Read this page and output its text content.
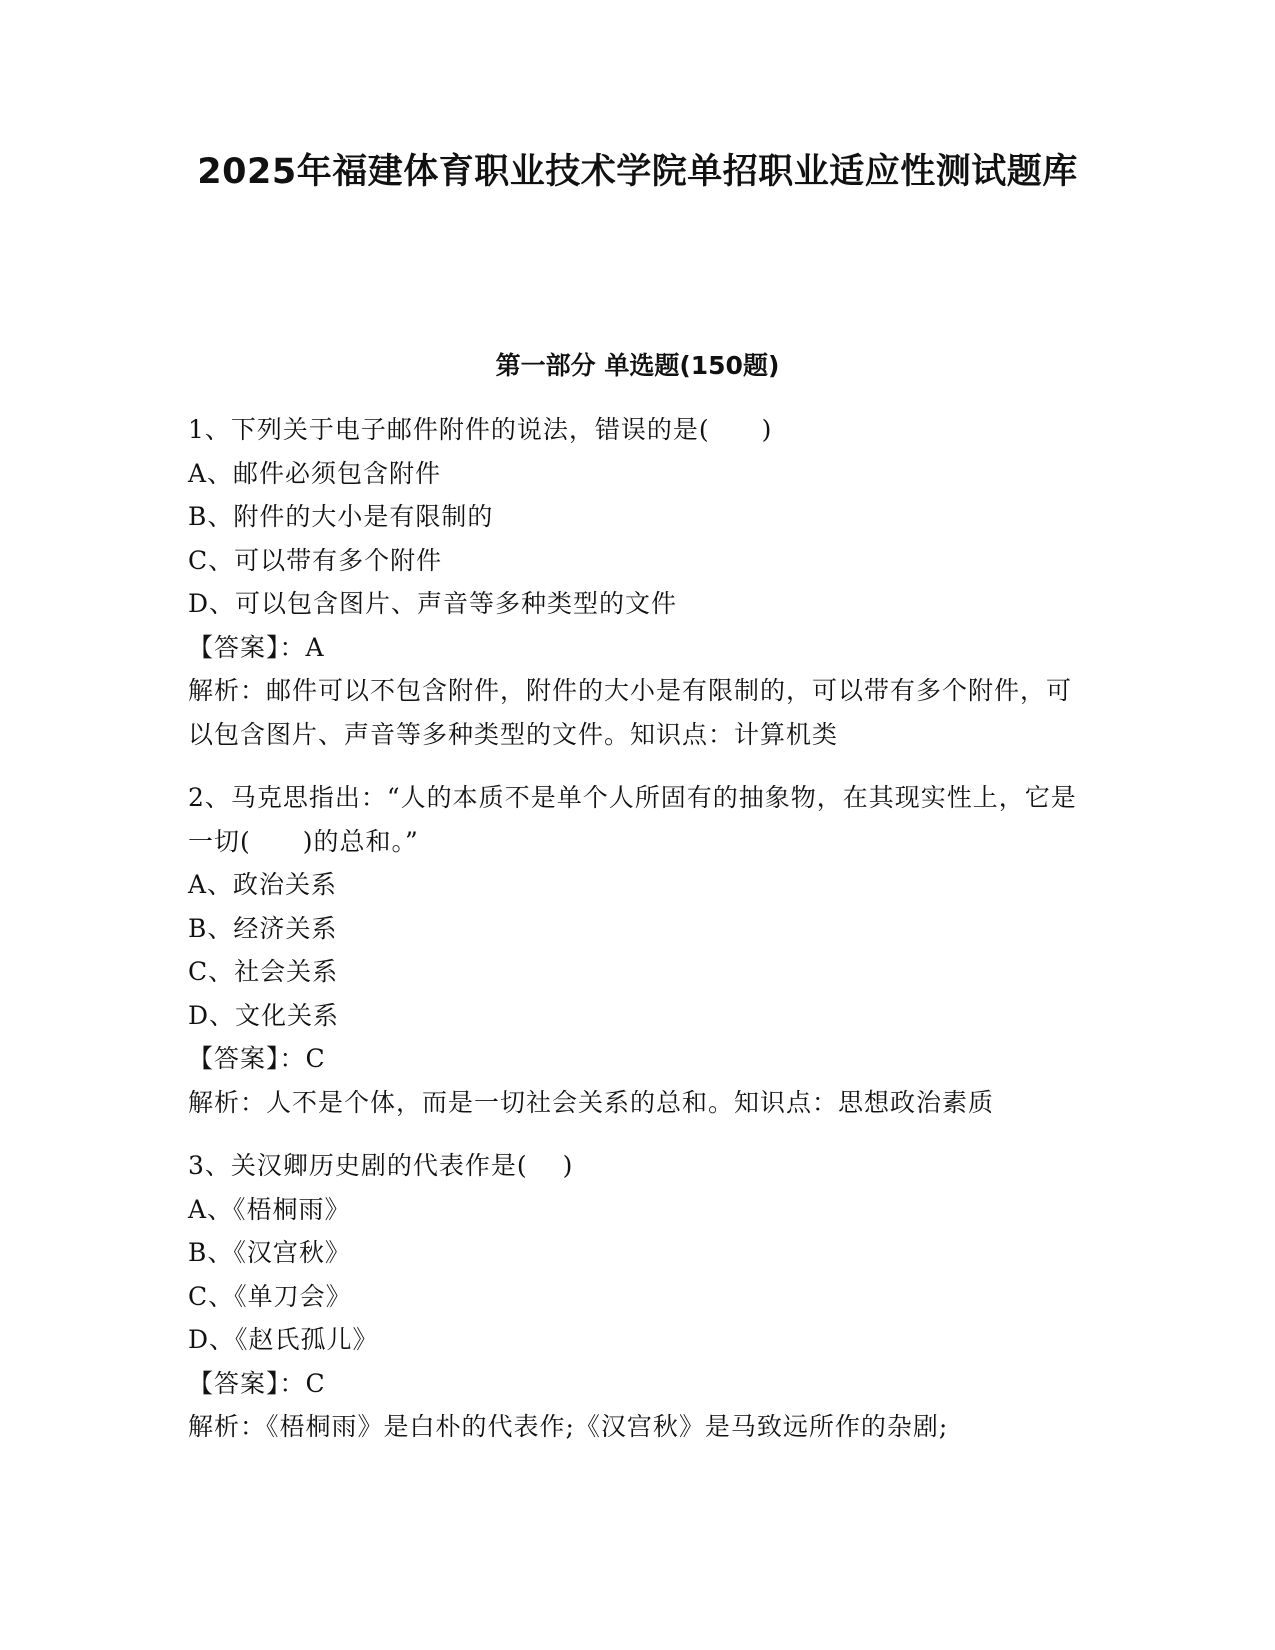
2025年福建体育职业技术学院单招职业适应性测试题库
第一部分 单选题(150题)

1、下列关于电子邮件附件的说法，错误的是(　　)

A、邮件必须包含附件

B、附件的大小是有限制的

C、可以带有多个附件

D、可以包含图片、声音等多种类型的文件

【答案】：A

解析：邮件可以不包含附件，附件的大小是有限制的，可以带有多个附件，可以包含图片、声音等多种类型的文件。知识点：计算机类

2、马克思指出：“人的本质不是单个人所固有的抽象物，在其现实性上，它是一切(　　)的总和。”

A、政治关系

B、经济关系

C、社会关系

D、文化关系

【答案】：C

解析：人不是个体，而是一切社会关系的总和。知识点：思想政治素质

3、关汉卿历史剧的代表作是(　 )

A、《梧桐雨》

B、《汉宫秋》

C、《单刀会》

D、《赵氏孤儿》

【答案】：C

解析：《梧桐雨》是白朴的代表作;《汉宫秋》是马致远所作的杂剧;
